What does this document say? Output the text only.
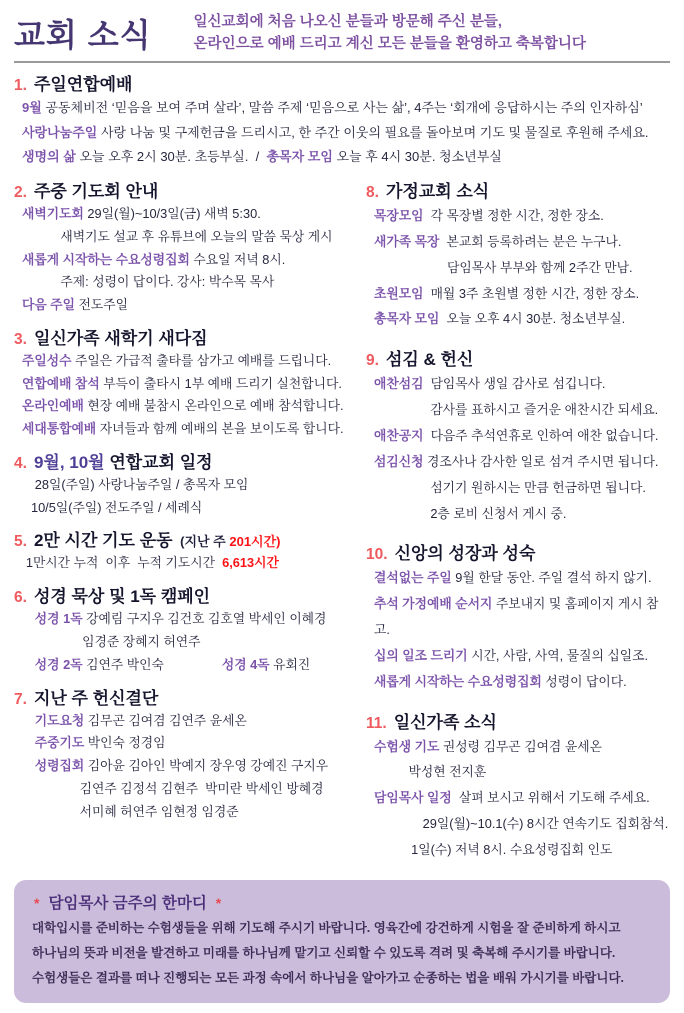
교회 소식	일신교회에 처음 나오신 분들과 방문해 주신 분들,
온라인으로 예배 드리고 계신 모든 분들을 환영하고 축복합니다
1. 주일연합예배
9월 공동체비전 ‘믿음을 보여 주며 살라’, 말씀 주제 ‘믿음으로 사는 삶’, 4주는 ‘회개에 응답하시는 주의 인자하심’
사랑나눔주일 사랑 나눔 및 구제헌금을 드리시고, 한 주간 이웃의 필요를 돌아보며 기도 및 물질로 후원해 주세요.
생명의 삶 오늘 오후 2시 30분. 초등부실.  /  총목자 모임 오늘 후 4시 30분. 청소년부실
2. 주중 기도회 안내
새벽기도회 29일(월)~10/3일(금) 새벽 5:30.
새벽기도 설교 후 유튜브에 오늘의 말씀 묵상 게시
새롭게 시작하는 수요성령집회 수요일 저녁 8시.
주제: 성령이 답이다. 강사: 박수목 목사
다음 주일 전도주일
3. 일신가족 새학기 새다짐
주일성수 주일은 가급적 출타를 삼가고 예배를 드립니다.
연합예배 참석 부득이 출타시 1부 예배 드리기 실천합니다.
온라인예배 현장 예배 불참시 온라인으로 예배 참석합니다.
세대통합예배 자녀들과 함께 예배의 본을 보이도록 합니다.
4. 9월, 10월 연합교회 일정
28일(주일) 사랑나눔주일 / 총목자 모임
10/5일(주일) 전도주일 / 세례식
5. 2만 시간 기도 운동 (지난 주 201시간)
1만시간 누적  이후  누적 기도시간  6,613시간
6. 성경 묵상 및 1독 캠페인
성경 1독 강예림 구지우 김건호 김호열 박세인 이혜경
임경준 장혜지 허연주
성경 2독 김연주 박인숙	성경 4독 유회진
7. 지난 주 헌신결단
기도요청 김무곤 김여겸 김연주 윤세온
주중기도 박인숙 정경임
성령집회 김아윤 김아인 박예지 장우영 강예진 구지우
김연주 김정석 김현주  박미란 박세인 방혜경
서미혜 허연주 임현정 임경준
8. 가정교회 소식
목장모임  각 목장별 정한 시간, 정한 장소.
새가족 목장  본교회 등록하려는 분은 누구나.
담임목사 부부와 함께 2주간 만남.
초원모임  매월 3주 초원별 정한 시간, 정한 장소.
총목자 모임  오늘 오후 4시 30분. 청소년부실.
9. 섬김 & 헌신
애찬섬김  담임목사 생일 감사로 섬깁니다.
감사를 표하시고 즐거운 애찬시간 되세요.
애찬공지  다음주 추석연휴로 인하여 애찬 없습니다.
섬김신청 경조사나 감사한 일로 섬겨 주시면 됩니다.
섬기기 원하시는 만큼 헌금하면 됩니다.
2층 로비 신청서 게시 중.
10. 신앙의 성장과 성숙
결석없는 주일 9월 한달 동안. 주일 결석 하지 않기.
추석 가정예배 순서지 주보내지 및 홈페이지 게시 참고.
십의 일조 드리기 시간, 사람, 사역, 물질의 십일조.
새롭게 시작하는 수요성령집회 성령이 답이다.
11. 일신가족 소식
수험생 기도 권성령 김무곤 김여겸 윤세온
박성현 전지훈
담임목사 일정  살펴 보시고 위해서 기도해 주세요.
29일(월)~10.1(수) 8시간 연속기도 집회참석.
1일(수) 저녁 8시. 수요성령집회 인도
* 담임목사 금주의 한마디 *
대학입시를 준비하는 수험생들을 위해 기도해 주시기 바랍니다. 영육간에 강건하게 시험을 잘 준비하게 하시고
하나님의 뜻과 비전을 발견하고 미래를 하나님께 맡기고 신뢰할 수 있도록 격려 및 축복해 주시기를 바랍니다.
수험생들은 결과를 떠나 진행되는 모든 과정 속에서 하나님을 알아가고 순종하는 법을 배워 가시기를 바랍니다.
